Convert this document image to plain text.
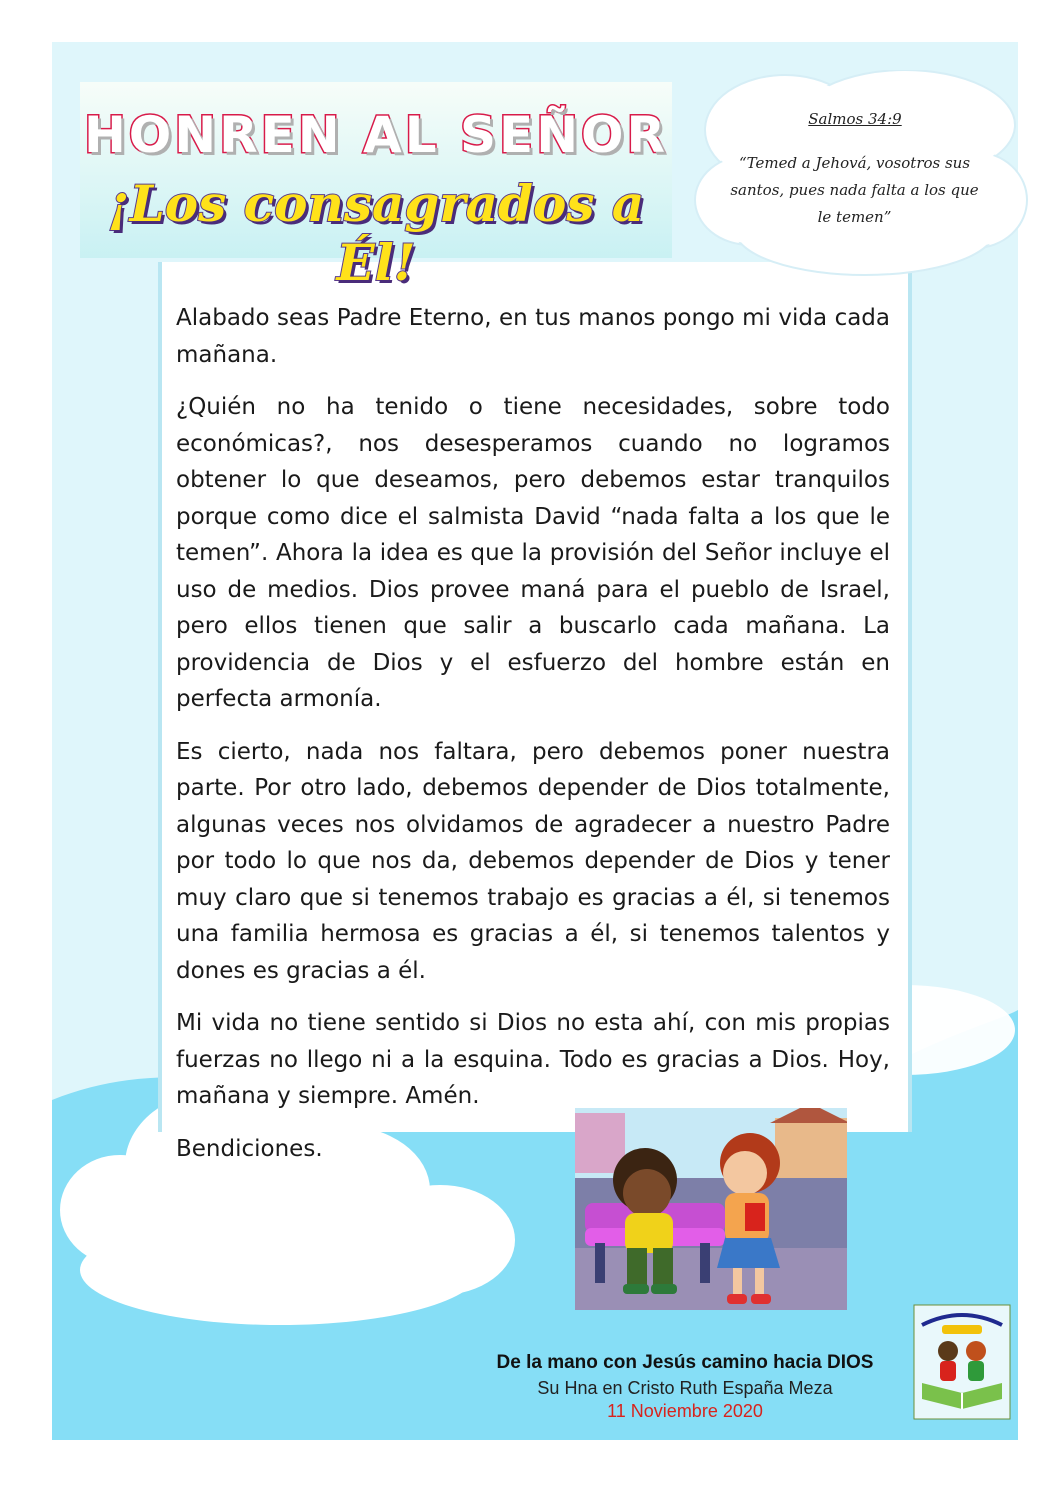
HONREN AL SEÑOR
¡Los consagrados a Él!
Salmos 34:9
“Temed a Jehová, vosotros sus santos, pues nada falta a los que le temen”

Alabado seas Padre Eterno, en tus manos pongo mi vida cada mañana.

¿Quién no ha tenido o tiene necesidades, sobre todo económicas?, nos desesperamos cuando no logramos obtener lo que deseamos, pero debemos estar tranquilos porque como dice el salmista David “nada falta a los que le temen”. Ahora la idea es que la provisión del Señor incluye el uso de medios. Dios provee maná para el pueblo de Israel, pero ellos tienen que salir a buscarlo cada mañana. La providencia de Dios y el esfuerzo del hombre están en perfecta armonía.

Es cierto, nada nos faltara, pero debemos poner nuestra parte. Por otro lado, debemos depender de Dios totalmente, algunas veces nos olvidamos de agradecer a nuestro Padre por todo lo que nos da, debemos depender de Dios y tener muy claro que si tenemos trabajo es gracias a él, si tenemos una familia hermosa es gracias a él, si tenemos talentos y dones es gracias a él.

Mi vida no tiene sentido si Dios no esta ahí, con mis propias fuerzas no llego ni a la esquina. Todo es gracias a Dios. Hoy, mañana y siempre. Amén.

Bendiciones.

De la mano con Jesús camino hacia DIOS
Su Hna en Cristo Ruth España Meza
11 Noviembre 2020
